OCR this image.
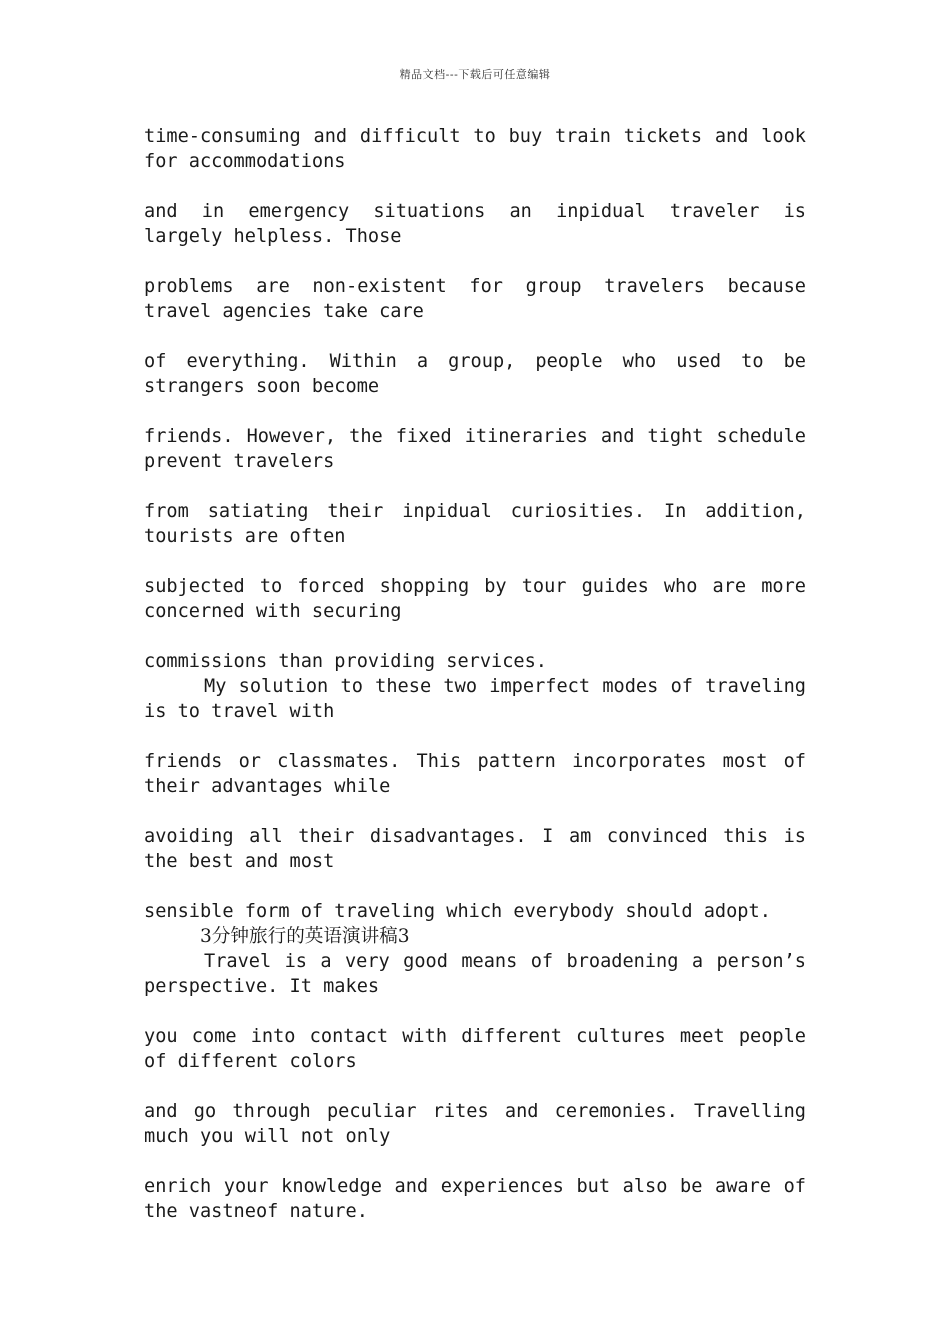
精品文档---下载后可任意编辑
time-consuming and difficult to buy train tickets and look
for accommodations
and in emergency situations an inpidual traveler is
largely helpless. Those
problems are non-existent for group travelers because
travel agencies take care
of everything. Within a group, people who used to be
strangers soon become
friends. However, the fixed itineraries and tight schedule
prevent travelers
from satiating their inpidual curiosities. In addition,
tourists are often
subjected to forced shopping by tour guides who are more
concerned with securing
commissions than providing services.
My solution to these two imperfect modes of traveling
is to travel with
friends or classmates. This pattern incorporates most of
their advantages while
avoiding all their disadvantages. I am convinced this is
the best and most
sensible form of traveling which everybody should adopt.
3分钟旅行的英语演讲稿3
Travel is a very good means of broadening a person’s
perspective. It makes
you come into contact with different cultures meet people
of different colors
and go through peculiar rites and ceremonies. Travelling
much you will not only
enrich your knowledge and experiences but also be aware of
the vastneof nature.
